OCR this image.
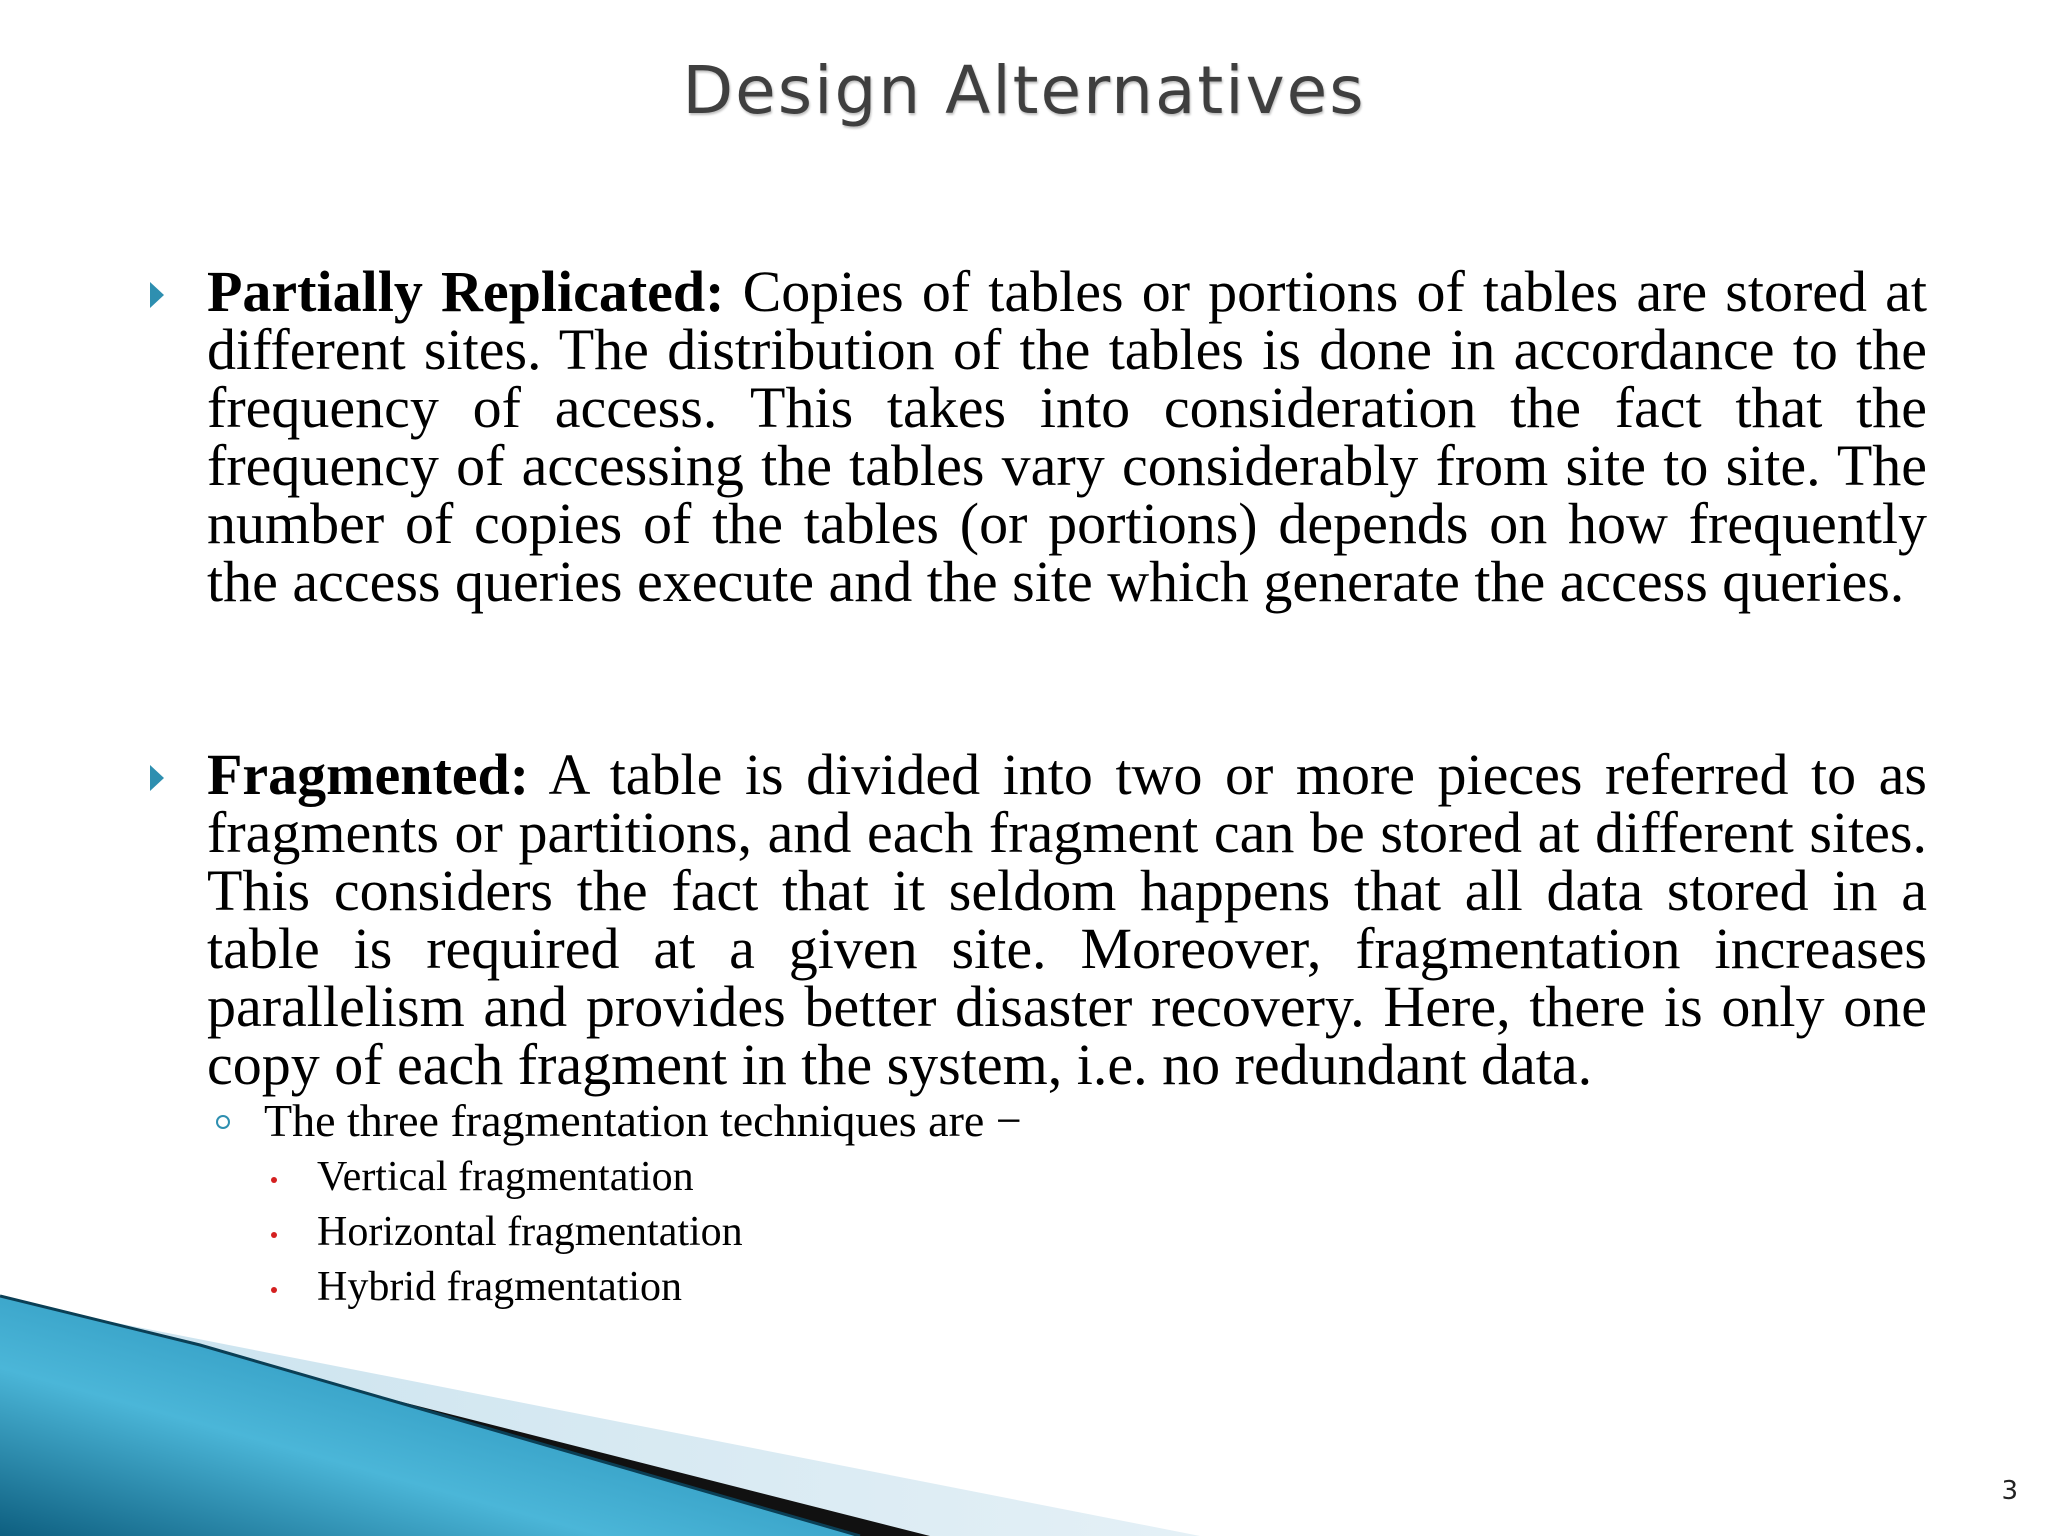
Design Alternatives
Partially Replicated: Copies of tables or portions of tables are stored at different sites. The distribution of the tables is done in accordance to the frequency of access. This takes into consideration the fact that the frequency of accessing the tables vary considerably from site to site. The number of copies of the tables (or portions) depends on how frequently the access queries execute and the site which generate the access queries.
Fragmented: A table is divided into two or more pieces referred to as fragments or partitions, and each fragment can be stored at different sites. This considers the fact that it seldom happens that all data stored in a table is required at a given site. Moreover, fragmentation increases parallelism and provides better disaster recovery. Here, there is only one copy of each fragment in the system, i.e. no redundant data.
The three fragmentation techniques are −
Vertical fragmentation
Horizontal fragmentation
Hybrid fragmentation
3
